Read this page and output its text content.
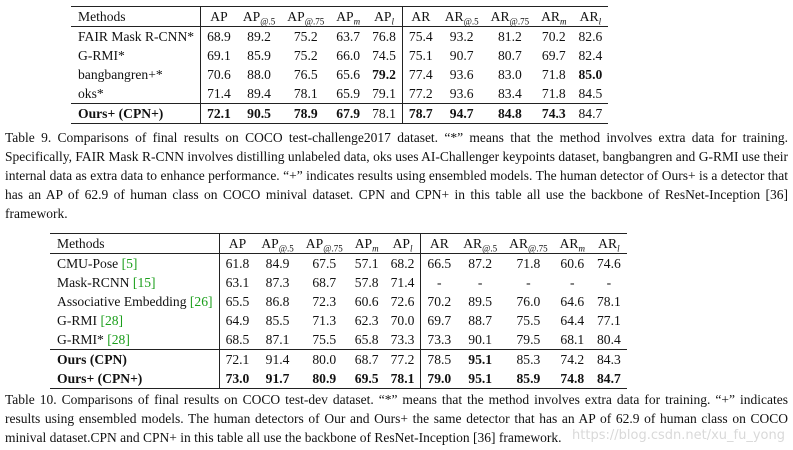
Methods	AP	$AP_{@.5}$	$AP_{@.75}$	$AP_m$	$AP_l$	AR	$AR_{@.5}$	$AR_{@.75}$	$AR_m$	$AR_l$
FAIR Mask R-CNN*	68.9	89.2	75.2	63.7	76.8	75.4	93.2	81.2	70.2	82.6
G-RMI*	69.1	85.9	75.2	66.0	74.5	75.1	90.7	80.7	69.7	82.4
bangbangren+*	70.6	88.0	76.5	65.6	79.2	77.4	93.6	83.0	71.8	85.0
oks*	71.4	89.4	78.1	65.9	79.1	77.2	93.6	83.4	71.8	84.5
Ours+ (CPN+)	72.1	90.5	78.9	67.9	78.1	78.7	94.7	84.8	74.3	84.7
Table 9. Comparisons of final results on COCO test-challenge2017 dataset. “*” means that the method involves extra data for training. Specifically, FAIR Mask R-CNN involves distilling unlabeled data, oks uses AI-Challenger keypoints dataset, bangbangren and G-RMI use their internal data as extra data to enhance performance. “+” indicates results using ensembled models. The human detector of Ours+ is a detector that has an AP of 62.9 of human class on COCO minival dataset. CPN and CPN+ in this table all use the backbone of ResNet-Inception [36] framework.
Methods	AP	$AP_{@.5}$	$AP_{@.75}$	$AP_m$	$AP_l$	AR	$AR_{@.5}$	$AR_{@.75}$	$AR_m$	$AR_l$
CMU-Pose [5]	61.8	84.9	67.5	57.1	68.2	66.5	87.2	71.8	60.6	74.6
Mask-RCNN [15]	63.1	87.3	68.7	57.8	71.4	-	-	-	-	-
Associative Embedding [26]	65.5	86.8	72.3	60.6	72.6	70.2	89.5	76.0	64.6	78.1
G-RMI [28]	64.9	85.5	71.3	62.3	70.0	69.7	88.7	75.5	64.4	77.1
G-RMI* [28]	68.5	87.1	75.5	65.8	73.3	73.3	90.1	79.5	68.1	80.4
Ours (CPN)	72.1	91.4	80.0	68.7	77.2	78.5	95.1	85.3	74.2	84.3
Ours+ (CPN+)	73.0	91.7	80.9	69.5	78.1	79.0	95.1	85.9	74.8	84.7
Table 10. Comparisons of final results on COCO test-dev dataset. “*” means that the method involves extra data for training. “+” indicates results using ensembled models. The human detectors of Our and Ours+ the same detector that has an AP of 62.9 of human class on COCO minival dataset.CPN and CPN+ in this table all use the backbone of ResNet-Inception [36] framework. https://blog.csdn.net/xu_fu_yong
